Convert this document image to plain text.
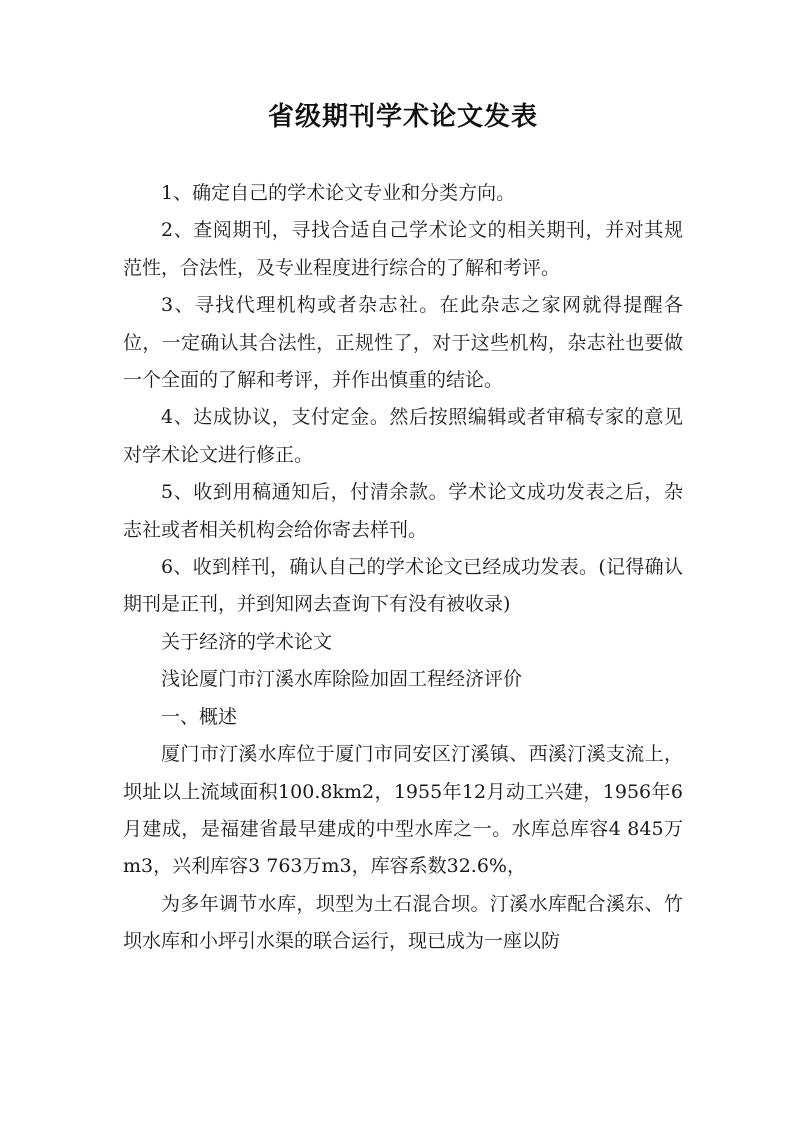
省级期刊学术论文发表

1、确定自己的学术论文专业和分类方向。

2、查阅期刊，寻找合适自己学术论文的相关期刊，并对其规范性，合法性，及专业程度进行综合的了解和考评。

3、寻找代理机构或者杂志社。在此杂志之家网就得提醒各位，一定确认其合法性，正规性了，对于这些机构，杂志社也要做一个全面的了解和考评，并作出慎重的结论。

4、达成协议，支付定金。然后按照编辑或者审稿专家的意见对学术论文进行修正。

5、收到用稿通知后，付清余款。学术论文成功发表之后，杂志社或者相关机构会给你寄去样刊。

6、收到样刊，确认自己的学术论文已经成功发表。(记得确认期刊是正刊，并到知网去查询下有没有被收录)

关于经济的学术论文

浅论厦门市汀溪水库除险加固工程经济评价

一、概述

厦门市汀溪水库位于厦门市同安区汀溪镇、西溪汀溪支流上，坝址以上流域面积100.8km2，1955年12月动工兴建，1956年6月建成，是福建省最早建成的中型水库之一。水库总库容4 845万m3，兴利库容3 763万m3，库容系数32.6%，

为多年调节水库，坝型为土石混合坝。汀溪水库配合溪东、竹坝水库和小坪引水渠的联合运行，现已成为一座以防
